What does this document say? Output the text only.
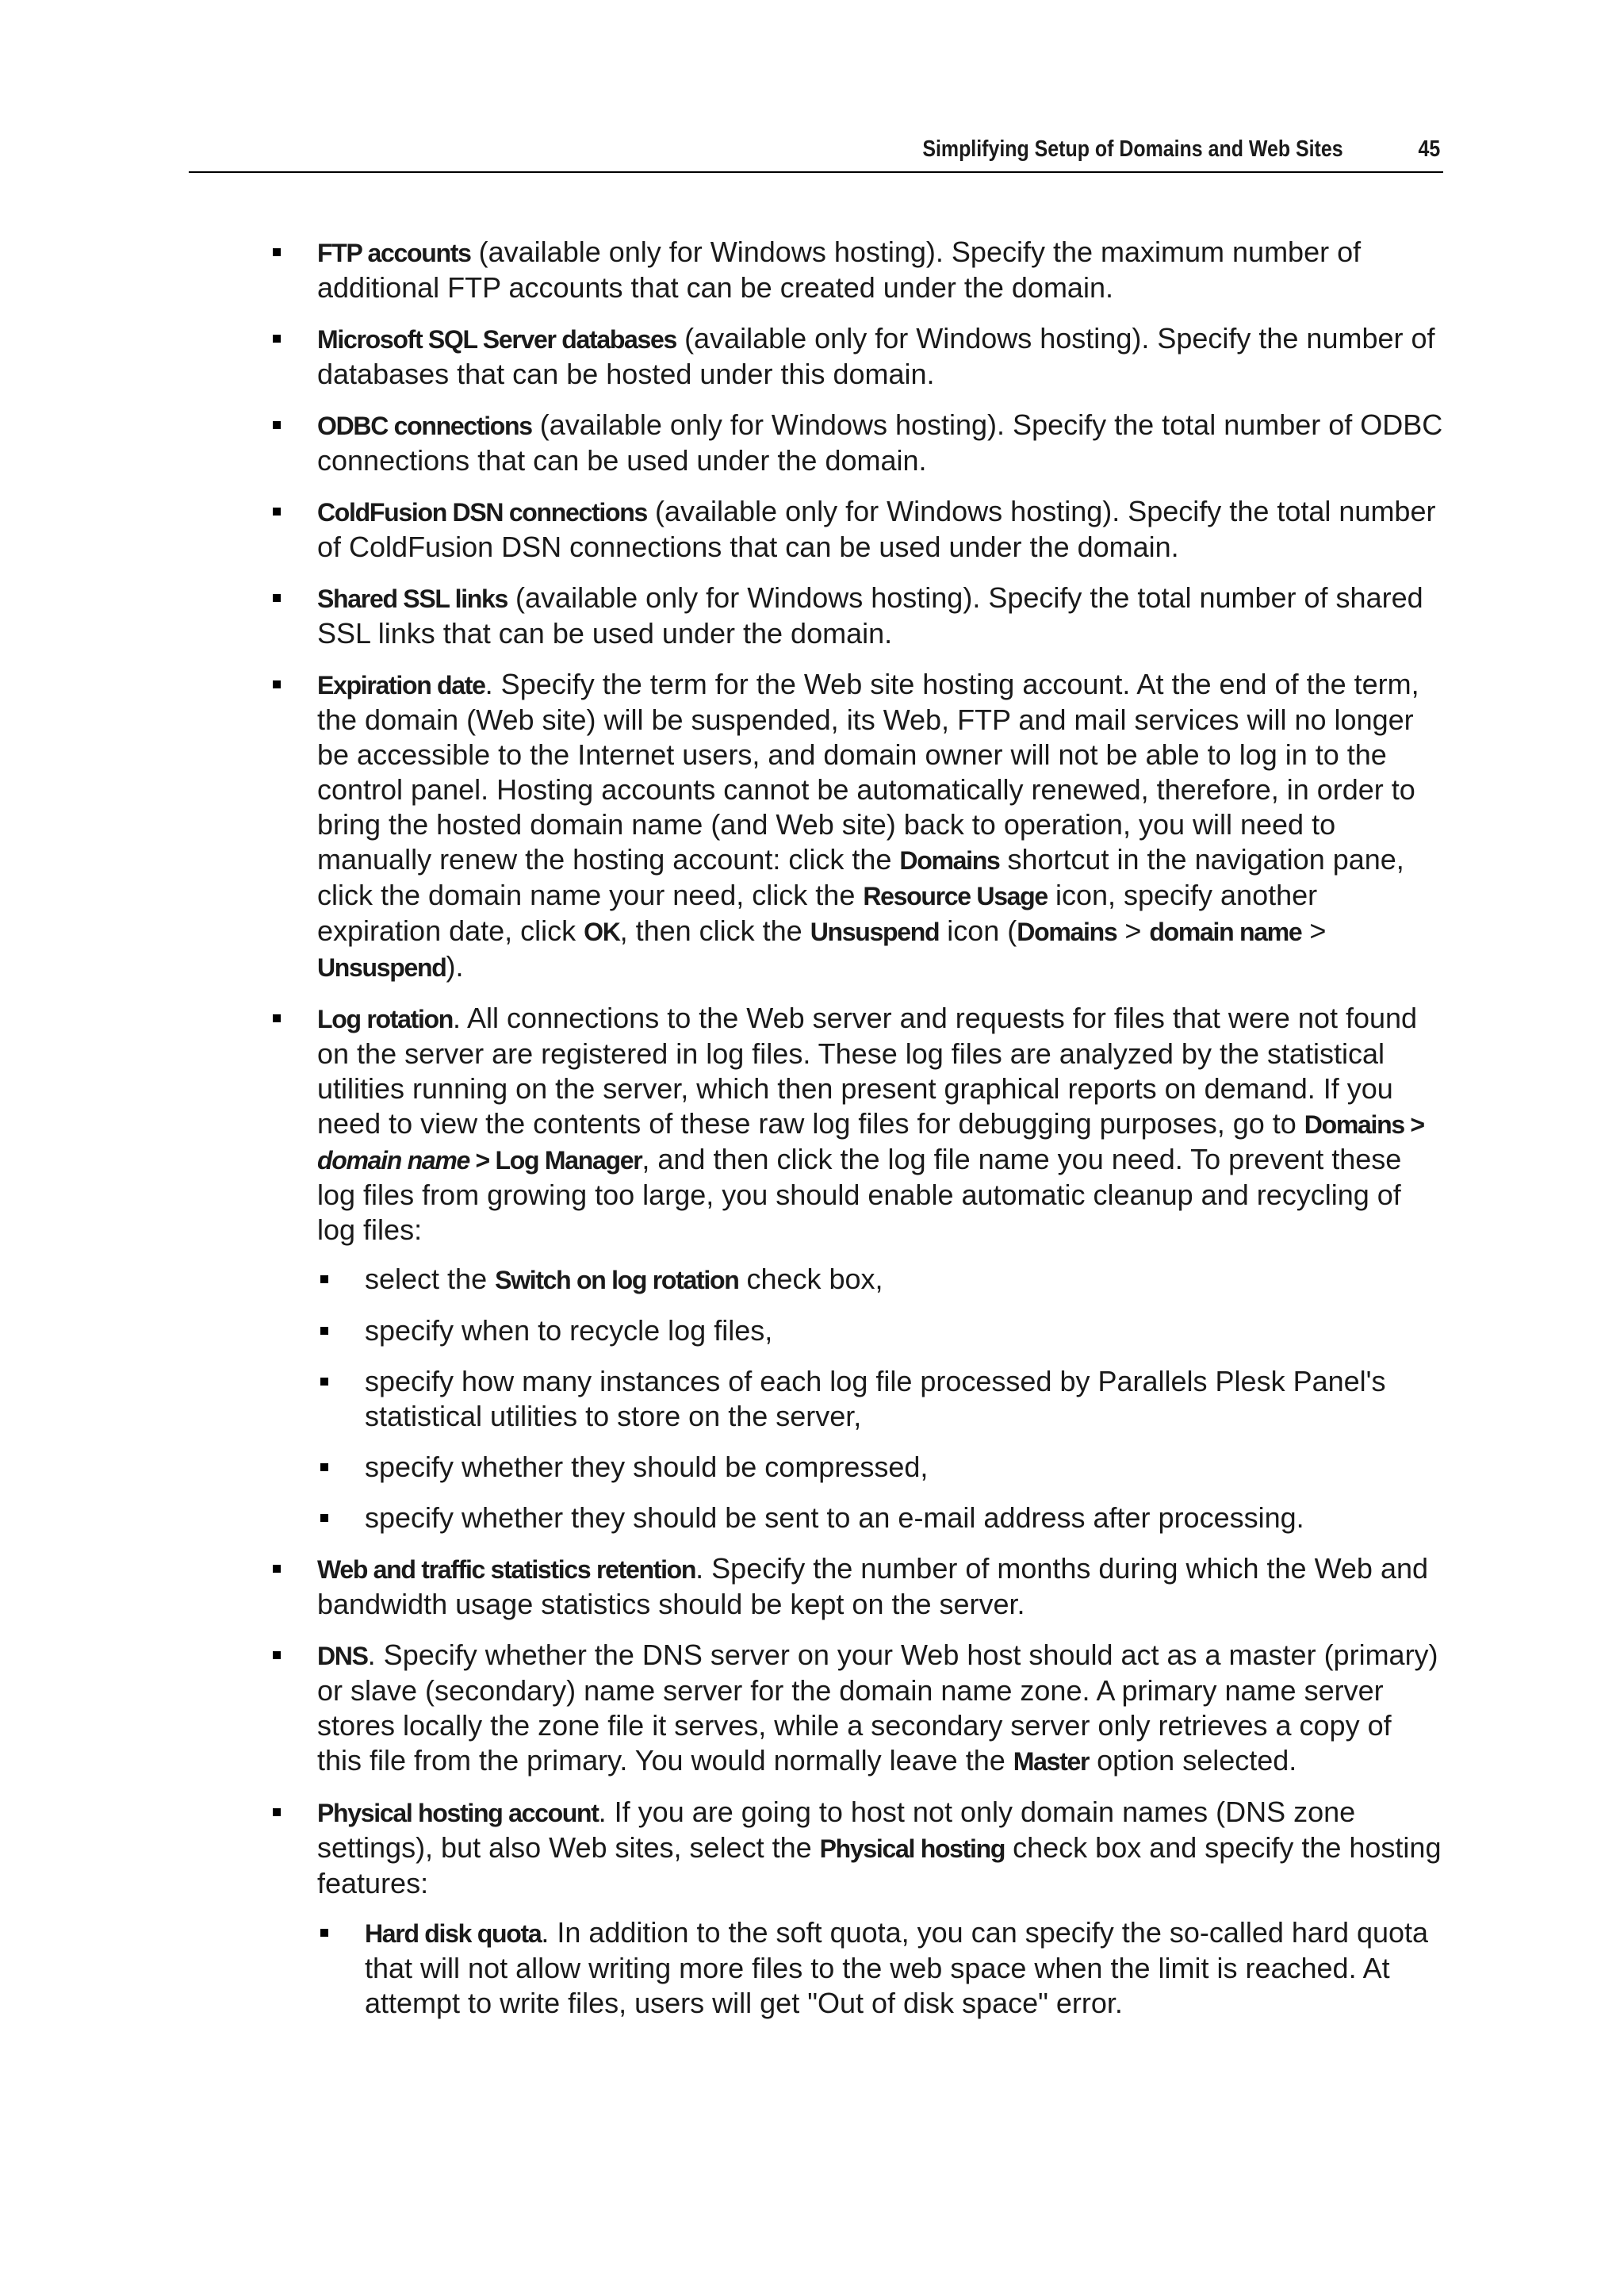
Simplifying Setup of Domains and Web Sites	45
FTP accounts (available only for Windows hosting). Specify the maximum number of additional FTP accounts that can be created under the domain.
Microsoft SQL Server databases (available only for Windows hosting). Specify the number of databases that can be hosted under this domain.
ODBC connections (available only for Windows hosting). Specify the total number of ODBC connections that can be used under the domain.
ColdFusion DSN connections (available only for Windows hosting). Specify the total number of ColdFusion DSN connections that can be used under the domain.
Shared SSL links (available only for Windows hosting). Specify the total number of shared SSL links that can be used under the domain.
Expiration date. Specify the term for the Web site hosting account. At the end of the term, the domain (Web site) will be suspended, its Web, FTP and mail services will no longer be accessible to the Internet users, and domain owner will not be able to log in to the control panel. Hosting accounts cannot be automatically renewed, therefore, in order to bring the hosted domain name (and Web site) back to operation, you will need to manually renew the hosting account: click the Domains shortcut in the navigation pane, click the domain name your need, click the Resource Usage icon, specify another expiration date, click OK, then click the Unsuspend icon (Domains > domain name > Unsuspend).
Log rotation. All connections to the Web server and requests for files that were not found on the server are registered in log files. These log files are analyzed by the statistical utilities running on the server, which then present graphical reports on demand. If you need to view the contents of these raw log files for debugging purposes, go to Domains > domain name > Log Manager, and then click the log file name you need. To prevent these log files from growing too large, you should enable automatic cleanup and recycling of log files:
select the Switch on log rotation check box,
specify when to recycle log files,
specify how many instances of each log file processed by Parallels Plesk Panel's statistical utilities to store on the server,
specify whether they should be compressed,
specify whether they should be sent to an e-mail address after processing.
Web and traffic statistics retention. Specify the number of months during which the Web and bandwidth usage statistics should be kept on the server.
DNS. Specify whether the DNS server on your Web host should act as a master (primary) or slave (secondary) name server for the domain name zone. A primary name server stores locally the zone file it serves, while a secondary server only retrieves a copy of this file from the primary. You would normally leave the Master option selected.
Physical hosting account. If you are going to host not only domain names (DNS zone settings), but also Web sites, select the Physical hosting check box and specify the hosting features:
Hard disk quota. In addition to the soft quota, you can specify the so-called hard quota that will not allow writing more files to the web space when the limit is reached. At attempt to write files, users will get "Out of disk space" error.
